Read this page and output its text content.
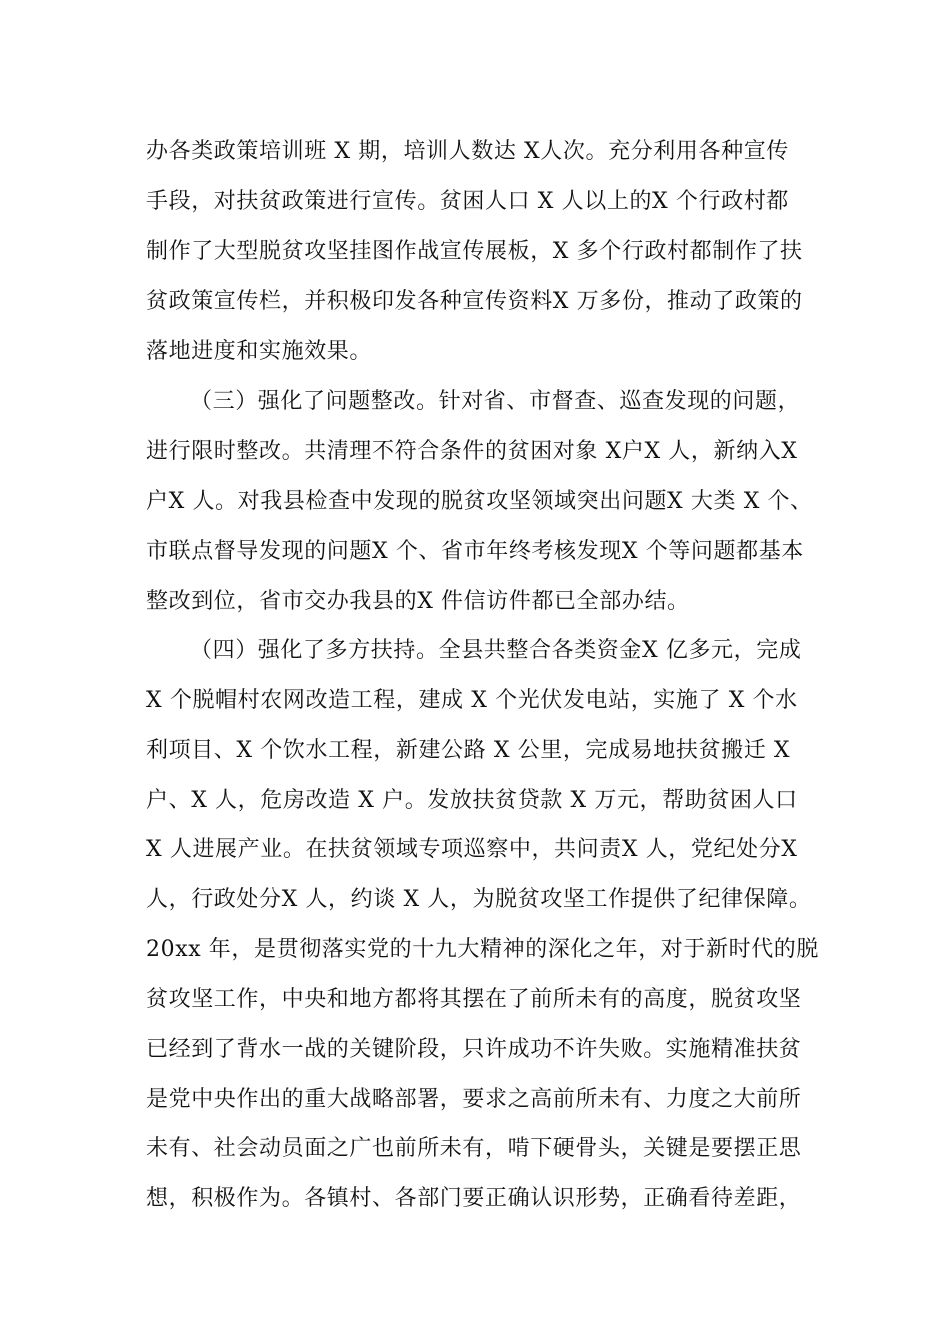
办各类政策培训班 X 期，培训人数达 X人次。充分利用各种宣传
手段，对扶贫政策进行宣传。贫困人口 X 人以上的X 个行政村都
制作了大型脱贫攻坚挂图作战宣传展板，X 多个行政村都制作了扶
贫政策宣传栏，并积极印发各种宣传资料X 万多份，推动了政策的
落地进度和实施效果。
（三）强化了问题整改。针对省、市督查、巡查发现的问题，
进行限时整改。共清理不符合条件的贫困对象 X户X 人，新纳入X
户X 人。对我县检查中发现的脱贫攻坚领域突出问题X 大类 X 个、
市联点督导发现的问题X 个、省市年终考核发现X 个等问题都基本
整改到位，省市交办我县的X 件信访件都已全部办结。
（四）强化了多方扶持。全县共整合各类资金X 亿多元，完成
X 个脱帽村农网改造工程，建成 X 个光伏发电站，实施了 X 个水
利项目、X 个饮水工程，新建公路 X 公里，完成易地扶贫搬迁 X
户、X 人，危房改造 X 户。发放扶贫贷款 X 万元，帮助贫困人口
X 人进展产业。在扶贫领域专项巡察中，共问责X 人，党纪处分X
人，行政处分X 人，约谈 X 人，为脱贫攻坚工作提供了纪律保障。
20xx 年，是贯彻落实党的十九大精神的深化之年，对于新时代的脱
贫攻坚工作，中央和地方都将其摆在了前所未有的高度，脱贫攻坚
已经到了背水一战的关键阶段，只许成功不许失败。实施精准扶贫
是党中央作出的重大战略部署，要求之高前所未有、力度之大前所
未有、社会动员面之广也前所未有，啃下硬骨头，关键是要摆正思
想，积极作为。各镇村、各部门要正确认识形势，正确看待差距，
